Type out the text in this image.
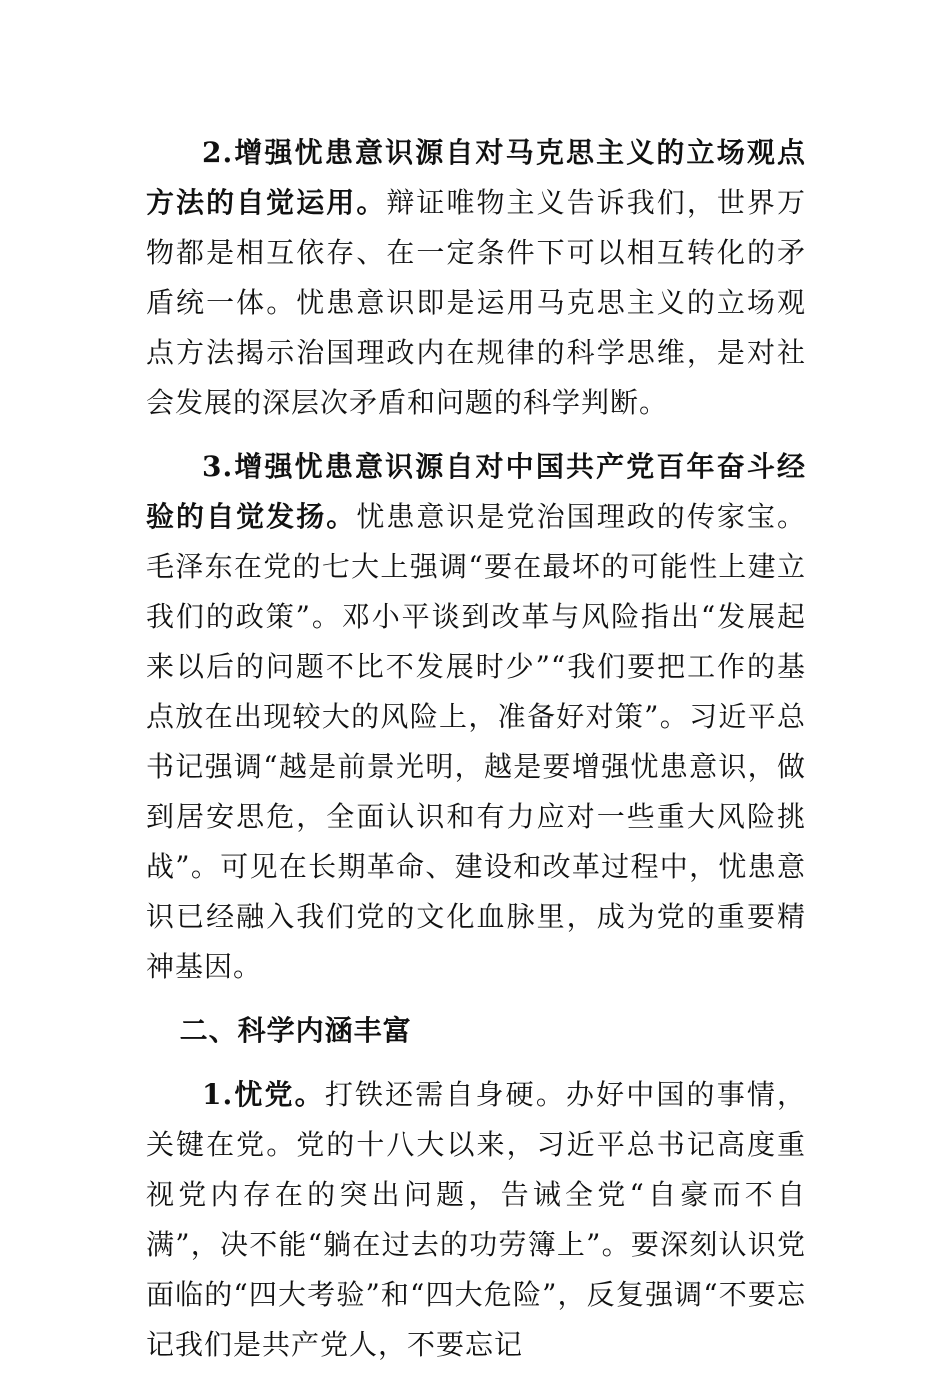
2.增强忧患意识源自对马克思主义的立场观点方法的自觉运用。辩证唯物主义告诉我们，世界万物都是相互依存、在一定条件下可以相互转化的矛盾统一体。忧患意识即是运用马克思主义的立场观点方法揭示治国理政内在规律的科学思维，是对社会发展的深层次矛盾和问题的科学判断。

3.增强忧患意识源自对中国共产党百年奋斗经验的自觉发扬。忧患意识是党治国理政的传家宝。毛泽东在党的七大上强调“要在最坏的可能性上建立我们的政策”。邓小平谈到改革与风险指出“发展起来以后的问题不比不发展时少”“我们要把工作的基点放在出现较大的风险上，准备好对策”。习近平总书记强调“越是前景光明，越是要增强忧患意识，做到居安思危，全面认识和有力应对一些重大风险挑战”。可见在长期革命、建设和改革过程中，忧患意识已经融入我们党的文化血脉里，成为党的重要精神基因。

二、科学内涵丰富

1.忧党。打铁还需自身硬。办好中国的事情，关键在党。党的十八大以来，习近平总书记高度重视党内存在的突出问题，告诫全党“自豪而不自满”，决不能“躺在过去的功劳簿上”。要深刻认识党面临的“四大考验”和“四大危险”，反复强调“不要忘记我们是共产党人，不要忘记
